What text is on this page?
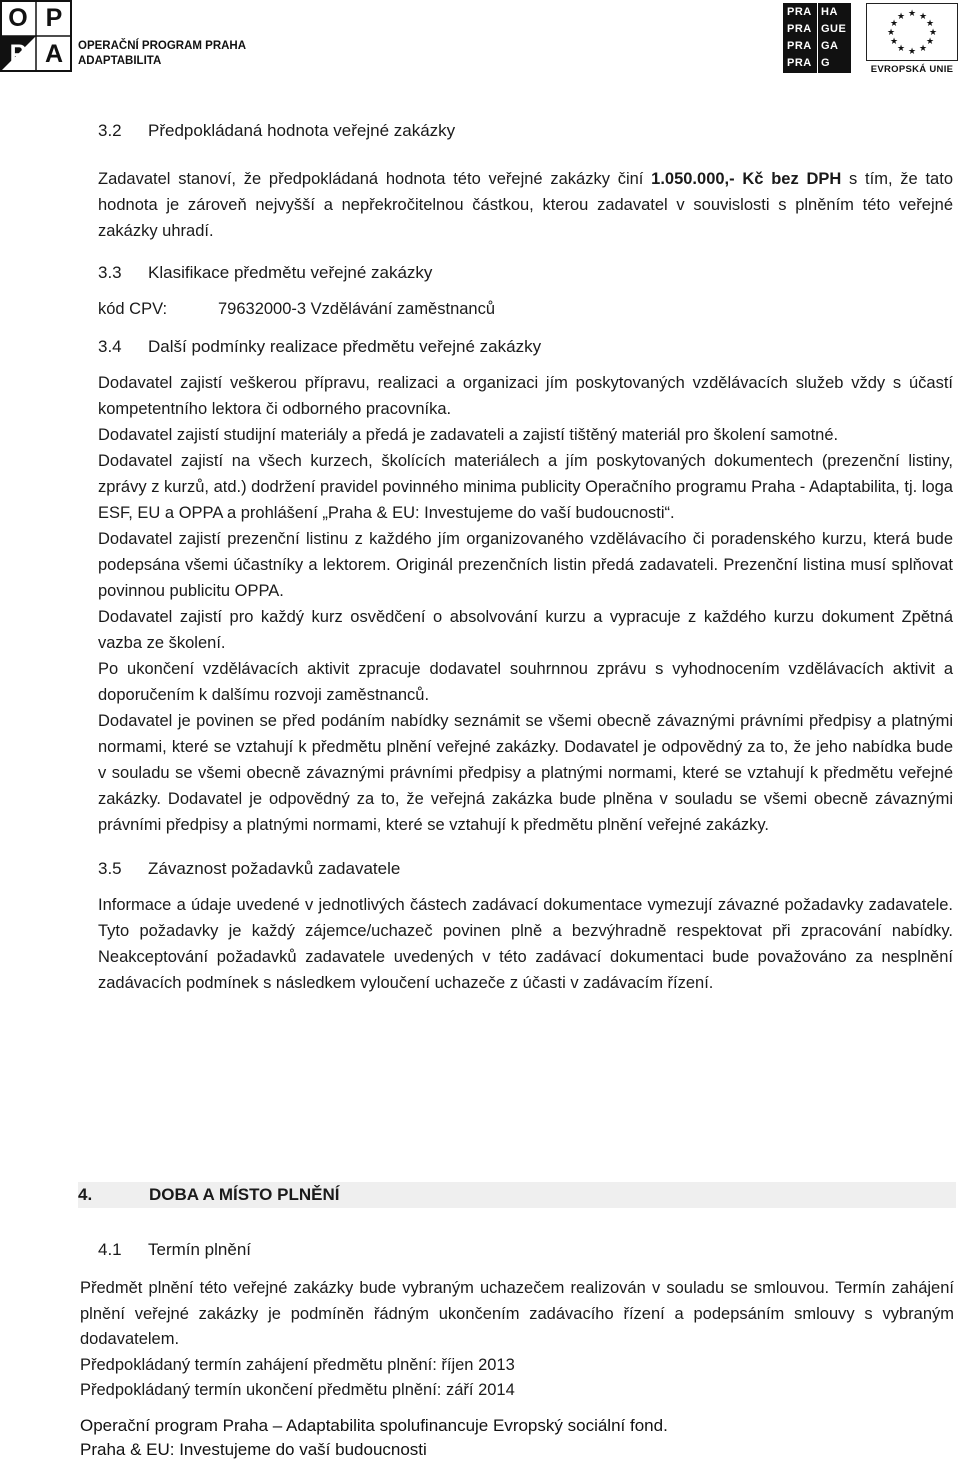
O P
P A	OPERAČNÍ PROGRAM PRAHA
ADAPTABILITA
PRA HA
PRA GUE
PRA GA
PRA G
★ ★
★
★
★
★
★
★
★
★
★
★
EVROPSKÁ UNIE
3.2 Předpokládaná hodnota veřejné zakázky

Zadavatel stanoví, že předpokládaná hodnota této veřejné zakázky činí 1.050.000,- Kč bez DPH s tím, že tato hodnota je zároveň nejvyšší a nepřekročitelnou částkou, kterou zadavatel v souvislosti s plněním této veřejné zakázky uhradí.

3.3 Klasifikace předmětu veřejné zakázky
kód CPV:	79632000-3 Vzdělávání zaměstnanců
3.4 Další podmínky realizace předmětu veřejné zakázky

Dodavatel zajistí veškerou přípravu, realizaci a organizaci jím poskytovaných vzdělávacích služeb vždy s účastí kompetentního lektora či odborného pracovníka.

Dodavatel zajistí studijní materiály a předá je zadavateli a zajistí tištěný materiál pro školení samotné.

Dodavatel zajistí na všech kurzech, školících materiálech a jím poskytovaných dokumentech (prezenční listiny, zprávy z kurzů, atd.) dodržení pravidel povinného minima publicity Operačního programu Praha - Adaptabilita, tj. loga ESF, EU a OPPA a prohlášení „Praha & EU: Investujeme do vaší budoucnosti“.

Dodavatel zajistí prezenční listinu z každého jím organizovaného vzdělávacího či poradenského kurzu, která bude podepsána všemi účastníky a lektorem. Originál prezenčních listin předá zadavateli. Prezenční listina musí splňovat povinnou publicitu OPPA.

Dodavatel zajistí pro každý kurz osvědčení o absolvování kurzu a vypracuje z každého kurzu dokument Zpětná vazba ze školení.

Po ukončení vzdělávacích aktivit zpracuje dodavatel souhrnnou zprávu s vyhodnocením vzdělávacích aktivit a doporučením k dalšímu rozvoji zaměstnanců.

Dodavatel je povinen se před podáním nabídky seznámit se všemi obecně závaznými právními předpisy a platnými normami, které se vztahují k předmětu plnění veřejné zakázky. Dodavatel je odpovědný za to, že jeho nabídka bude v souladu se všemi obecně závaznými právními předpisy a platnými normami, které se vztahují k předmětu veřejné zakázky. Dodavatel je odpovědný za to, že veřejná zakázka bude plněna v souladu se všemi obecně závaznými právními předpisy a platnými normami, které se vztahují k předmětu plnění veřejné zakázky.

3.5 Závaznost požadavků zadavatele

Informace a údaje uvedené v jednotlivých částech zadávací dokumentace vymezují závazné požadavky zadavatele. Tyto požadavky je každý zájemce/uchazeč povinen plně a bezvýhradně respektovat při zpracování nabídky. Neakceptování požadavků zadavatele uvedených v této zadávací dokumentaci bude považováno za nesplnění zadávacích podmínek s následkem vyloučení uchazeče z účasti v zadávacím řízení.

4.	DOBA A MÍSTO PLNĚNÍ
4.1 Termín plnění

Předmět plnění této veřejné zakázky bude vybraným uchazečem realizován v souladu se smlouvou. Termín zahájení plnění veřejné zakázky je podmíněn řádným ukončením zadávacího řízení a podepsáním smlouvy s vybraným dodavatelem.

Předpokládaný termín zahájení předmětu plnění: říjen 2013

Předpokládaný termín ukončení předmětu plnění: září 2014

Operační program Praha – Adaptabilita spolufinancuje Evropský sociální fond.
Praha & EU: Investujeme do vaší budoucnosti
